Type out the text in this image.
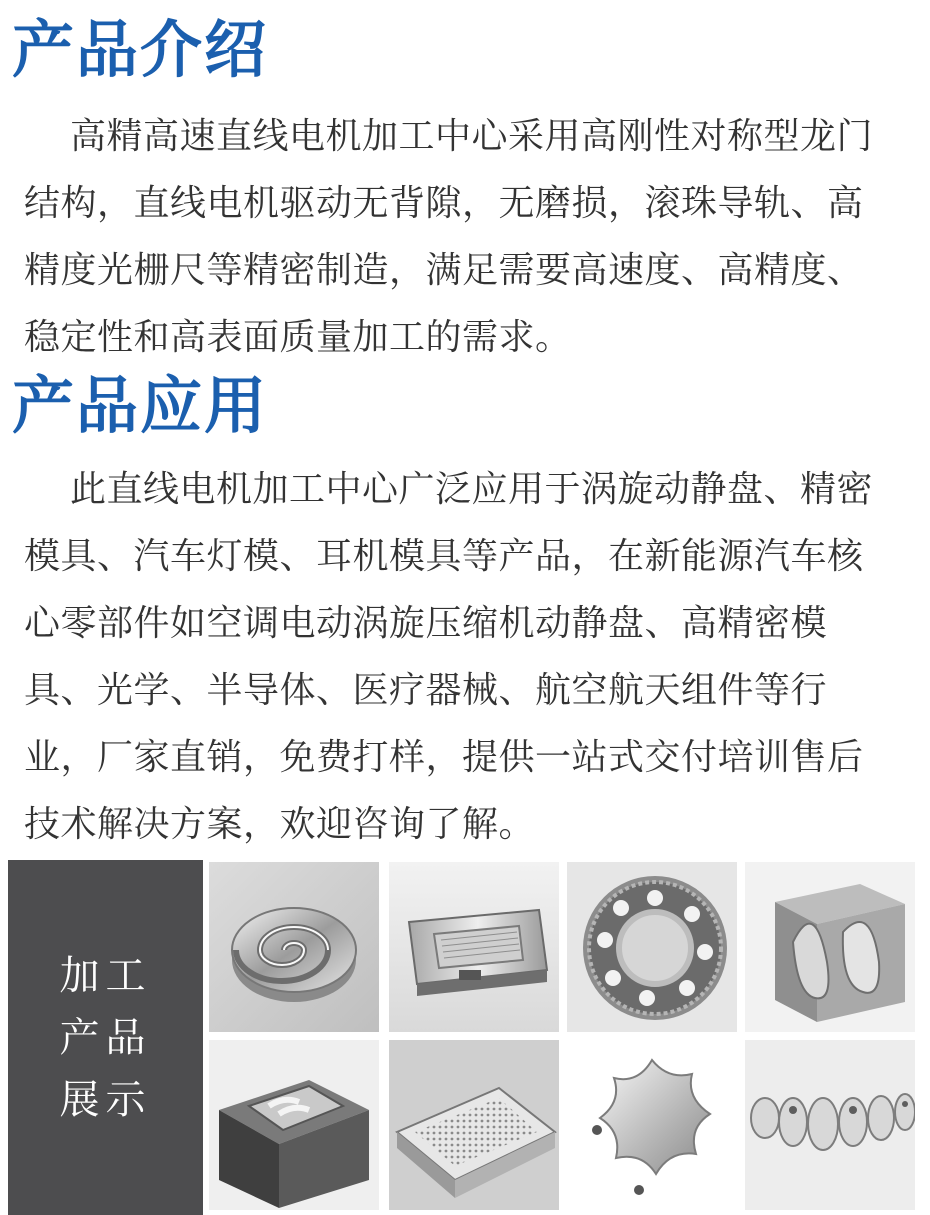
产品介绍

高精高速直线电机加工中心采用高刚性对称型龙门结构，直线电机驱动无背隙，无磨损，滚珠导轨、高精度光栅尺等精密制造，满足需要高速度、高精度、稳定性和高表面质量加工的需求。

产品应用

此直线电机加工中心广泛应用于涡旋动静盘、精密模具、汽车灯模、耳机模具等产品，在新能源汽车核心零部件如空调电动涡旋压缩机动静盘、高精密模具、光学、半导体、医疗器械、航空航天组件等行业，厂家直销，免费打样，提供一站式交付培训售后技术解决方案，欢迎咨询了解。

加工
产品
展示
